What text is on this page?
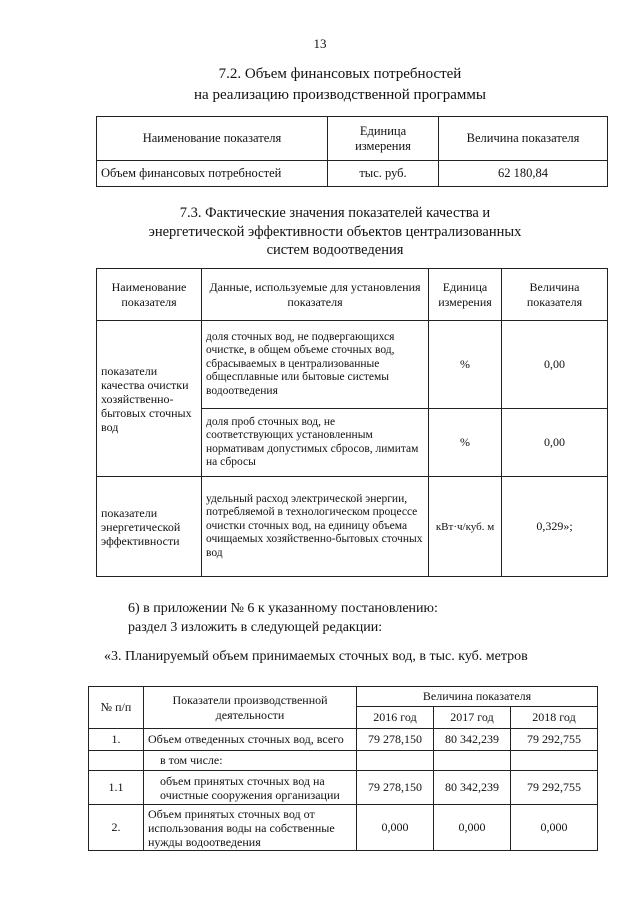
13
7.2. Объем финансовых потребностей
на реализацию производственной программы
Наименование показателя	Единица измерения	Величина показателя
Объем финансовых потребностей	тыс. руб.	62 180,84
7.3. Фактические значения показателей качества и
энергетической эффективности объектов централизованных
систем водоотведения
Наименование показателя	Данные, используемые для установления показателя	Единица измерения	Величина показателя
показатели качества очистки хозяйственно-бытовых сточных вод	доля сточных вод, не подвергающихся очистке, в общем объеме сточных вод, сбрасываемых в централизованные общесплавные или бытовые системы водоотведения	%	0,00
	доля проб сточных вод, не соответствующих установленным нормативам допустимых сбросов, лимитам на сбросы	%	0,00
показатели энергетической эффективности	удельный расход электрической энергии, потребляемой в технологическом процессе очистки сточных вод, на единицу объема очищаемых хозяйственно-бытовых сточных вод	кВт·ч/куб. м	0,329»;
6) в приложении № 6 к указанному постановлению:
раздел 3 изложить в следующей редакции:
«3. Планируемый объем принимаемых сточных вод, в тыс. куб. метров
№ п/п	Показатели производственной деятельности	Величина показателя		
		2016 год	2017 год	2018 год
1.	Объем отведенных сточных вод, всего	79 278,150	80 342,239	79 292,755
	в том числе:			
1.1	объем принятых сточных вод на очистные сооружения организации	79 278,150	80 342,239	79 292,755
2.	Объем принятых сточных вод от использования воды на собственные нужды водоотведения	0,000	0,000	0,000
